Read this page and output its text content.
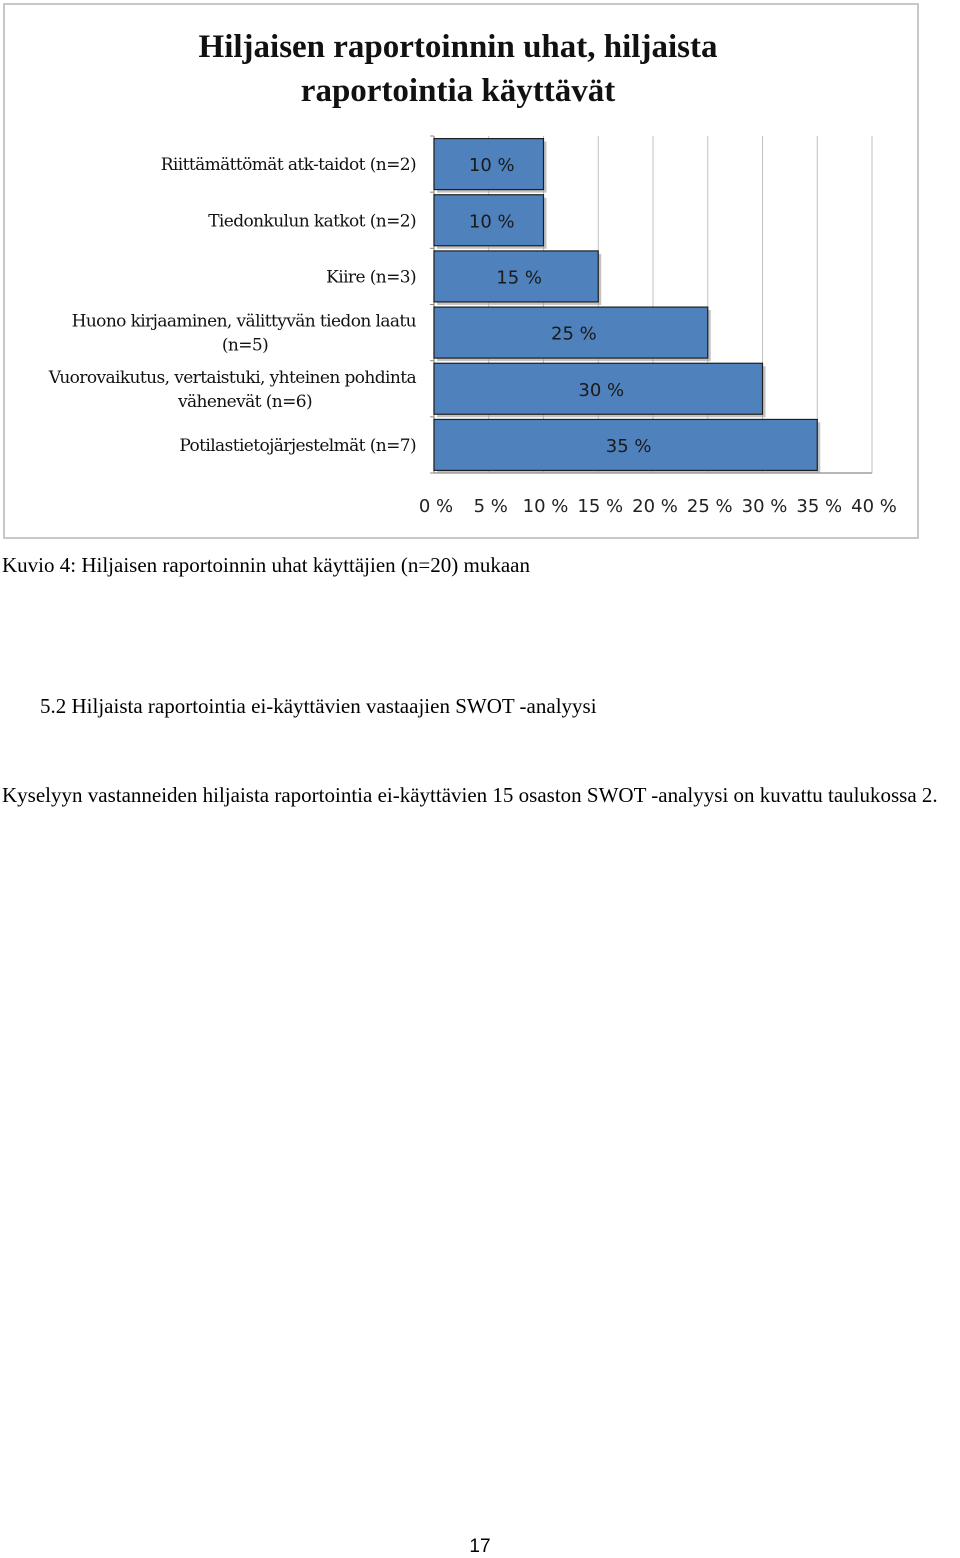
Hiljaisen raportoinnin uhat, hiljaista
raportointia käyttävät
10 %
Riittämättömät atk-taidot (n=2)
10 %
Tiedonkulun katkot (n=2)
15 %
Kiire (n=3)
25 %
Huono kirjaaminen, välittyvän tiedon laatu
(n=5)
30 %
Vuorovaikutus, vertaistuki, yhteinen pohdinta
vähenevät (n=6)
35 %
Potilastietojärjestelmät (n=7)
0 % 5 % 10 % 15 % 20 % 25 % 30 % 35 % 40 %
Kuvio 4: Hiljaisen raportoinnin uhat käyttäjien (n=20) mukaan
5.2 Hiljaista raportointia ei-käyttävien vastaajien SWOT -analyysi
Kyselyyn vastanneiden hiljaista raportointia ei-käyttävien 15 osaston SWOT -analyysi on kuvattu taulukossa 2.
17
